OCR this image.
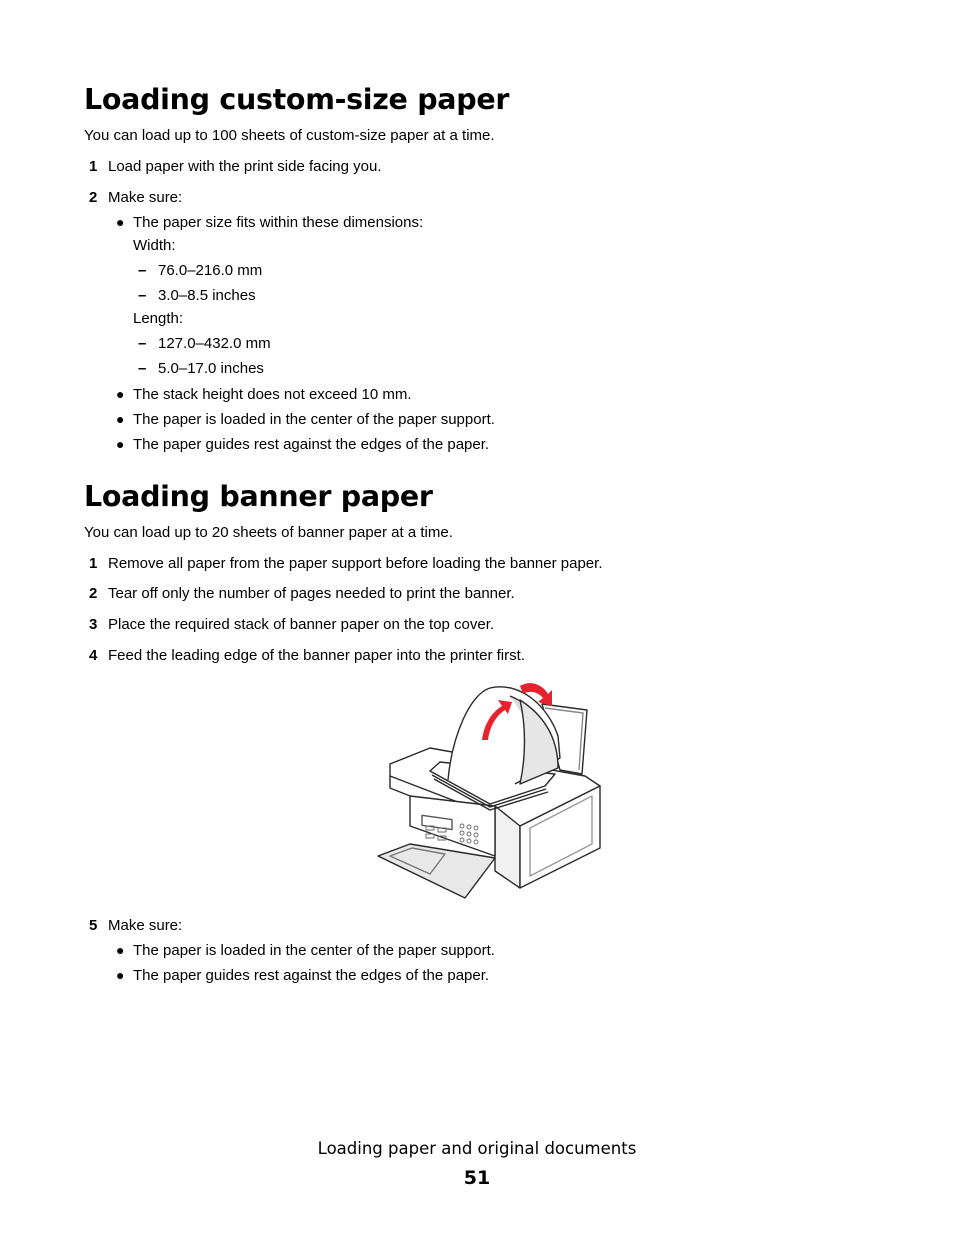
Loading custom-size paper

You can load up to 100 sheets of custom-size paper at a time.

1 Load paper with the print side facing you.
2 Make sure:
● The paper size fits within these dimensions:
Width:
– 76.0–216.0 mm
– 3.0–8.5 inches
Length:
– 127.0–432.0 mm
– 5.0–17.0 inches
● The stack height does not exceed 10 mm.
● The paper is loaded in the center of the paper support.
● The paper guides rest against the edges of the paper.
Loading banner paper

You can load up to 20 sheets of banner paper at a time.

1 Remove all paper from the paper support before loading the banner paper.
2 Tear off only the number of pages needed to print the banner.
3 Place the required stack of banner paper on the top cover.
4 Feed the leading edge of the banner paper into the printer first.
5 Make sure:
● The paper is loaded in the center of the paper support.
● The paper guides rest against the edges of the paper.
Loading paper and original documents
51
